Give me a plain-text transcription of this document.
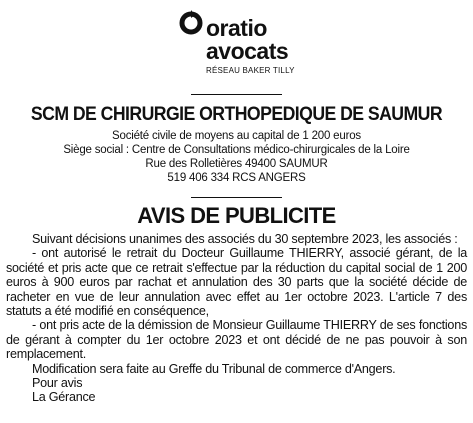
oratio
avocats
RÉSEAU BAKER TILLY
SCM DE CHIRURGIE ORTHOPEDIQUE DE SAUMUR
Société civile de moyens au capital de 1 200 euros
Siège social : Centre de Consultations médico-chirurgicales de la Loire
Rue des Rolletières 49400 SAUMUR
519 406 334 RCS ANGERS
AVIS DE PUBLICITE

Suivant décisions unanimes des associés du 30 septembre 2023, les associés :

- ont autorisé le retrait du Docteur Guillaume THIERRY, associé gérant, de la société et pris acte que ce retrait s'effectue par la réduction du capital social de 1 200 euros à 900 euros par rachat et annulation des 30 parts que la société décide de racheter en vue de leur annulation avec effet au 1er octobre 2023. L'article 7 des statuts a été modifié en conséquence,

- ont pris acte de la démission de Monsieur Guillaume THIERRY de ses fonctions de gérant à compter du 1er octobre 2023 et ont décidé de ne pas pouvoir à son remplacement.

Modification sera faite au Greffe du Tribunal de commerce d'Angers.

Pour avis

La Gérance
